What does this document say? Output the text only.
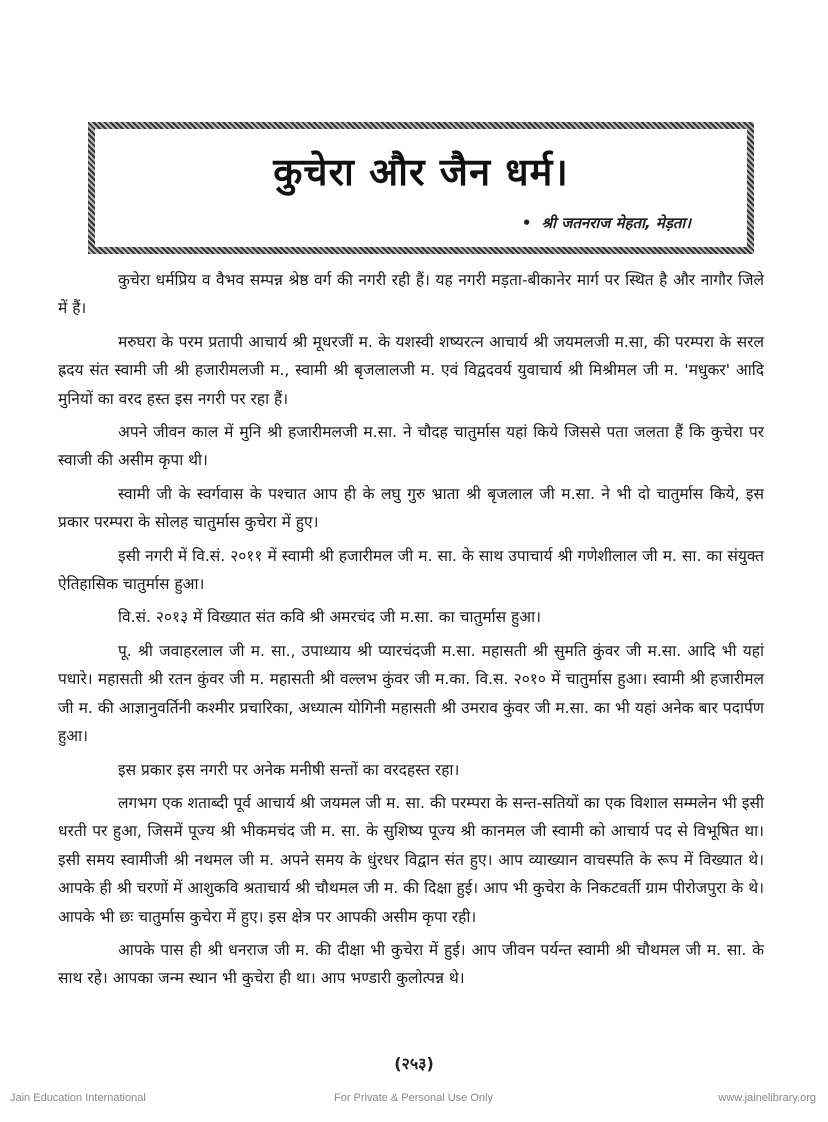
कुचेरा और जैन धर्म।
• श्री जतनराज मेहता, मेड़ता।

कुचेरा धर्मप्रिय व वैभव सम्पन्न श्रेष्ठ वर्ग की नगरी रही हैं। यह नगरी मड़ता-बीकानेर मार्ग पर स्थित है और नागौर जिले में हैं।

मरुघरा के परम प्रतापी आचार्य श्री मूधरजीं म. के यशस्वी शष्यरत्न आचार्य श्री जयमलजी म.सा, की परम्परा के सरल ह्रदय संत स्वामी जी श्री हजारीमलजी म., स्वामी श्री बृजलालजी म. एवं विद्वदवर्य युवाचार्य श्री मिश्रीमल जी म. 'मधुकर' आदि मुनियों का वरद हस्त इस नगरी पर रहा हैं।

अपने जीवन काल में मुनि श्री हजारीमलजी म.सा. ने चौदह चातुर्मास यहां किये जिससे पता जलता हैं कि कुचेरा पर स्वाजी की असीम कृपा थी।

स्वामी जी के स्वर्गवास के पश्चात आप ही के लघु गुरु भ्राता श्री बृजलाल जी म.सा. ने भी दो चातुर्मास किये, इस प्रकार परम्परा के सोलह चातुर्मास कुचेरा में हुए।

इसी नगरी में वि.सं. २०११ में स्वामी श्री हजारीमल जी म. सा. के साथ उपाचार्य श्री गणेशीलाल जी म. सा. का संयुक्त ऐतिहासिक चातुर्मास हुआ।

वि.सं. २०१३ में विख्यात संत कवि श्री अमरचंद जी म.सा. का चातुर्मास हुआ।

पू. श्री जवाहरलाल जी म. सा., उपाध्याय श्री प्यारचंदजी म.सा. महासती श्री सुमति कुंवर जी म.सा. आदि भी यहां पधारे। महासती श्री रतन कुंवर जी म. महासती श्री वल्लभ कुंवर जी म.का. वि.स. २०१० में चातुर्मास हुआ। स्वामी श्री हजारीमल जी म. की आज्ञानुवर्तिनी कश्मीर प्रचारिका, अध्यात्म योगिनी महासती श्री उमराव कुंवर जी म.सा. का भी यहां अनेक बार पदार्पण हुआ।

इस प्रकार इस नगरी पर अनेक मनीषी सन्तों का वरदहस्त रहा।

लगभग एक शताब्दी पूर्व आचार्य श्री जयमल जी म. सा. की परम्परा के सन्त-सतियों का एक विशाल सम्मलेन भी इसी धरती पर हुआ, जिसमें पूज्य श्री भीकमचंद जी म. सा. के सुशिष्य पूज्य श्री कानमल जी स्वामी को आचार्य पद से विभूषित था। इसी समय स्वामीजी श्री नथमल जी म. अपने समय के धुंरधर विद्वान संत हुए। आप व्याख्यान वाचस्पति के रूप में विख्यात थे। आपके ही श्री चरणों में आशुकवि श्रताचार्य श्री चौथमल जी म. की दिक्षा हुई। आप भी कुचेरा के निकटवर्ती ग्राम पीरोजपुरा के थे। आपके भी छः चातुर्मास कुचेरा में हुए। इस क्षेत्र पर आपकी असीम कृपा रही।

आपके पास ही श्री धनराज जी म. की दीक्षा भी कुचेरा में हुई। आप जीवन पर्यन्त स्वामी श्री चौथमल जी म. सा. के साथ रहे। आपका जन्म स्थान भी कुचेरा ही था। आप भण्डारी कुलोत्पन्न थे।

(२५३)
Jain Education International	For Private & Personal Use Only	www.jainelibrary.org
